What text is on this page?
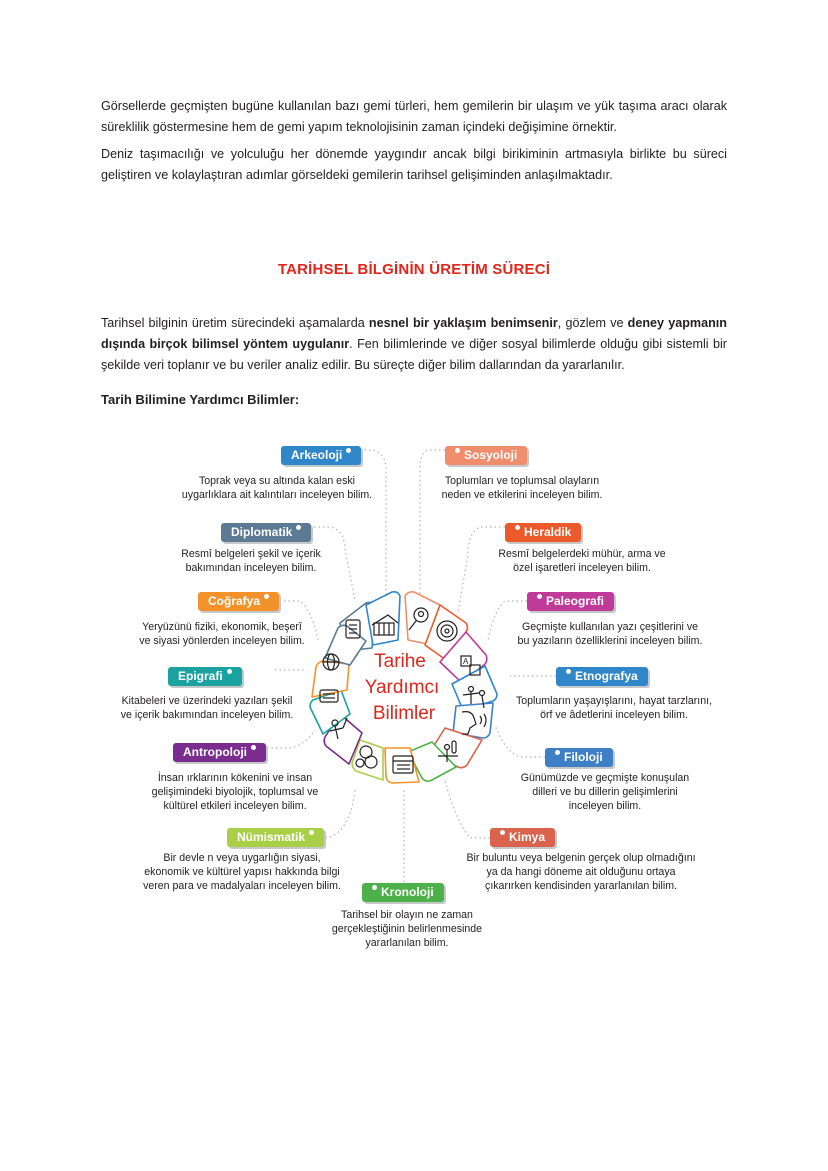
Görsellerde geçmişten bugüne kullanılan bazı gemi türleri, hem gemilerin bir ulaşım ve yük taşıma aracı olarak süreklilik göstermesine hem de gemi yapım teknolojisinin zaman içindeki değişimine örnektir.

Deniz taşımacılığı ve yolculuğu her dönemde yaygındır ancak bilgi birikiminin artmasıyla birlikte bu süreci geliştiren ve kolaylaştıran adımlar görseldeki gemilerin tarihsel gelişiminden anlaşılmaktadır.

TARİHSEL BİLGİNİN ÜRETİM SÜRECİ

Tarihsel bilginin üretim sürecindeki aşamalarda nesnel bir yaklaşım benimsenir, gözlem ve deney yapmanın dışında birçok bilimsel yöntem uygulanır. Fen bilimlerinde ve diğer sosyal bilimlerde olduğu gibi sistemli bir şekilde veri toplanır ve bu veriler analiz edilir. Bu süreçte diğer bilim dallarından da yararlanılır.

Tarih Bilimine Yardımcı Bilimler:
Tarihe
Yardımcı
Bilimler
A
Arkeoloji

Toprak veya su altında kalan eski
uygarlıklara ait kalıntıları inceleyen bilim.

Sosyoloji

Toplumları ve toplumsal olayların
neden ve etkilerini inceleyen bilim.

Diplomatik

Resmî belgeleri şekil ve içerik
bakımından inceleyen bilim.

Heraldik

Resmî belgelerdeki mühür, arma ve
özel işaretleri inceleyen bilim.

Coğrafya

Yeryüzünü fiziki, ekonomik, beşerî
ve siyasi yönlerden inceleyen bilim.

Paleografi

Geçmişte kullanılan yazı çeşitlerini ve
bu yazıların özelliklerini inceleyen bilim.

Epigrafi

Kitabeleri ve üzerindeki yazıları şekil
ve içerik bakımından inceleyen bilim.

Etnografya

Toplumların yaşayışlarını, hayat tarzlarını,
örf ve âdetlerini inceleyen bilim.

Antropoloji

İnsan ırklarının kökenini ve insan
gelişimindeki biyolojik, toplumsal ve
kültürel etkileri inceleyen bilim.

Filoloji

Günümüzde ve geçmişte konuşulan
dilleri ve bu dillerin gelişimlerini
inceleyen bilim.

Nümismatik

Bir devle n veya uygarlığın siyasi,
ekonomik ve kültürel yapısı hakkında bilgi
veren para ve madalyaları inceleyen bilim.

Kimya

Bir buluntu veya belgenin gerçek olup olmadığını
ya da hangi döneme ait olduğunu ortaya
çıkarırken kendisinden yararlanılan bilim.

Kronoloji

Tarihsel bir olayın ne zaman
gerçekleştiğinin belirlenmesinde
yararlanılan bilim.
